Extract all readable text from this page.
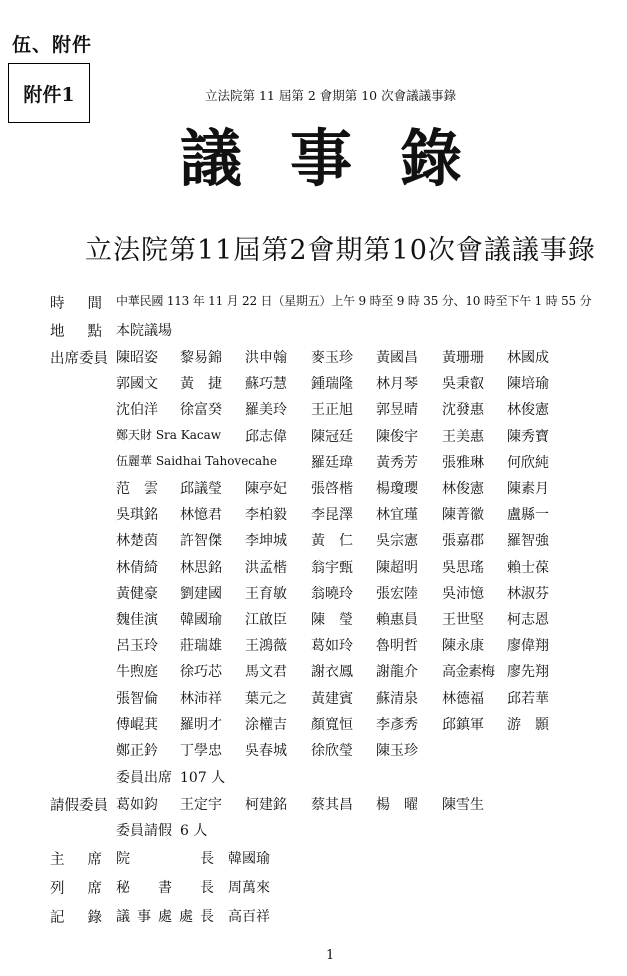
伍、附件
附件1	立法院第 11 屆第 2 會期第 10 次會議議事錄
議事錄
立法院第11屆第2會期第10次會議議事錄
時 間 中華民國 113 年 11 月 22 日（星期五）上午 9 時至 9 時 35 分、10 時至下午 1 時 55 分
地 點 本院議場
出席委員 陳昭姿 黎易錦 洪申翰 麥玉珍 黃國昌 黃珊珊 林國成
郭國文 黃　捷 蘇巧慧 鍾瑞隆 林月琴 吳秉叡 陳培瑜
沈伯洋 徐富癸 羅美玲 王正旭 郭昱晴 沈發惠 林俊憲
鄭天財 Sra Kacaw 邱志偉 陳冠廷 陳俊宇 王美惠 陳秀寶
伍麗華 Saidhai Tahovecahe 羅廷瑋 黃秀芳 張雅琳 何欣純
范　雲 邱議瑩 陳亭妃 張啓楷 楊瓊瓔 林俊憲 陳素月
吳琪銘 林憶君 李柏毅 李昆澤 林宜瑾 陳菁徽 盧縣一
林楚茵 許智傑 李坤城 黃　仁 吳宗憲 張嘉郡 羅智強
林倩綺 林思銘 洪孟楷 翁宇甄 陳超明 吳思瑤 賴士葆
黃健豪 劉建國 王育敏 翁曉玲 張宏陸 吳沛憶 林淑芬
魏佳演 韓國瑜 江啟臣 陳　瑩 賴惠員 王世堅 柯志恩
呂玉玲 莊瑞雄 王鴻薇 葛如玲 魯明哲 陳永康 廖偉翔
牛煦庭 徐巧芯 馬文君 謝衣鳳 謝龍介 高金素梅 廖先翔
張智倫 林沛祥 葉元之 黃建賓 蘇清泉 林德福 邱若華
傅崐萁 羅明才 涂權吉 顏寬恒 李彥秀 邱鎮軍 游　顥
鄭正鈐 丁學忠 吳春城 徐欣瑩 陳玉珍
委員出席 107 人
請假委員 葛如鈞 王定宇 柯建銘 蔡其昌 楊　曜 陳雪生
委員請假 6 人
主 席 院	長 韓國瑜
列 席 秘 書 長 周萬來
記 錄 議 事 處 處 長 高百祥
1
